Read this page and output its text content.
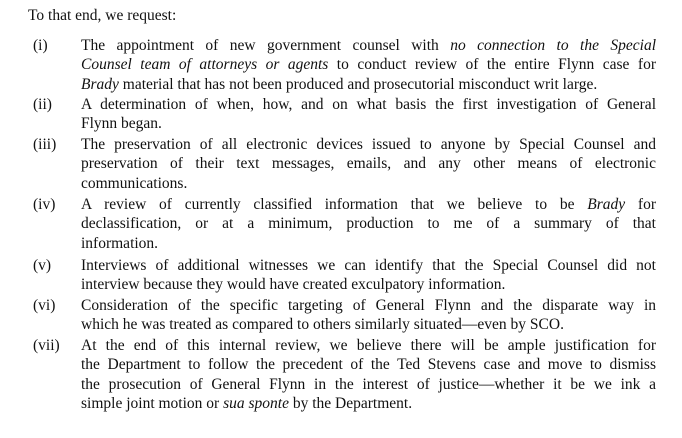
To that end, we request:
(i) The appointment of new government counsel with no connection to the Special
Counsel team of attorneys or agents to conduct review of the entire Flynn case for
Brady material that has not been produced and prosecutorial misconduct writ large.
(ii) A determination of when, how, and on what basis the first investigation of General
Flynn began.
(iii) The preservation of all electronic devices issued to anyone by Special Counsel and
preservation of their text messages, emails, and any other means of electronic
communications.
(iv) A review of currently classified information that we believe to be Brady for
declassification, or at a minimum, production to me of a summary of that
information.
(v) Interviews of additional witnesses we can identify that the Special Counsel did not
interview because they would have created exculpatory information.
(vi) Consideration of the specific targeting of General Flynn and the disparate way in
which he was treated as compared to others similarly situated—even by SCO.
(vii) At the end of this internal review, we believe there will be ample justification for
the Department to follow the precedent of the Ted Stevens case and move to dismiss
the prosecution of General Flynn in the interest of justice—whether it be we ink a
simple joint motion or sua sponte by the Department.
